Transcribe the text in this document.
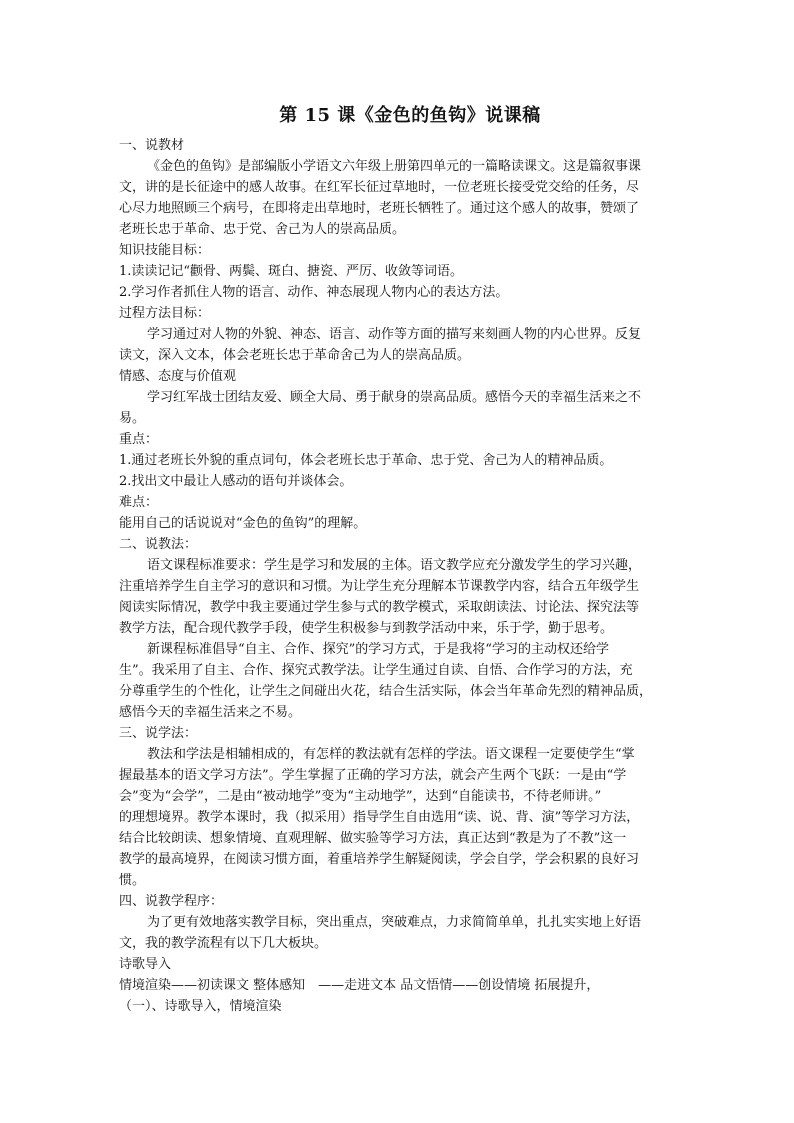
第 15 课《金色的鱼钩》说课稿
一、说教材
《金色的鱼钩》是部编版小学语文六年级上册第四单元的一篇略读课文。这是篇叙事课
文，讲的是长征途中的感人故事。在红军长征过草地时，一位老班长接受党交给的任务，尽
心尽力地照顾三个病号，在即将走出草地时，老班长牺牲了。通过这个感人的故事，赞颂了
老班长忠于革命、忠于党、舍己为人的崇高品质。
知识技能目标：
1.读读记记“颧骨、两鬓、斑白、搪瓷、严厉、收敛等词语。
2.学习作者抓住人物的语言、动作、神态展现人物内心的表达方法。
过程方法目标：
学习通过对人物的外貌、神态、语言、动作等方面的描写来刻画人物的内心世界。反复
读文，深入文本，体会老班长忠于革命舍己为人的崇高品质。
情感、态度与价值观
学习红军战士团结友爱、顾全大局、勇于献身的崇高品质。感悟今天的幸福生活来之不
易。
重点：
1.通过老班长外貌的重点词句，体会老班长忠于革命、忠于党、舍己为人的精神品质。
2.找出文中最让人感动的语句并谈体会。
难点：
能用自己的话说说对“金色的鱼钩”的理解。
二、说教法：
语文课程标准要求：学生是学习和发展的主体。语文教学应充分激发学生的学习兴趣，
注重培养学生自主学习的意识和习惯。为让学生充分理解本节课教学内容，结合五年级学生
阅读实际情况，教学中我主要通过学生参与式的教学模式，采取朗读法、讨论法、探究法等
教学方法，配合现代教学手段，使学生积极参与到教学活动中来，乐于学，勤于思考。
新课程标准倡导“自主、合作、探究”的学习方式，于是我将“学习的主动权还给学
生”。我采用了自主、合作、探究式教学法。让学生通过自读、自悟、合作学习的方法，充
分尊重学生的个性化，让学生之间碰出火花，结合生活实际，体会当年革命先烈的精神品质，
感悟今天的幸福生活来之不易。
三、说学法：
教法和学法是相辅相成的，有怎样的教法就有怎样的学法。语文课程一定要使学生“掌
握最基本的语文学习方法”。学生掌握了正确的学习方法，就会产生两个飞跃：一是由“学
会”变为“会学”，二是由“被动地学”变为“主动地学”，达到“自能读书，不待老师讲。”
的理想境界。教学本课时，我（拟采用）指导学生自由选用“读、说、背、演”等学习方法，
结合比较朗读、想象情境、直观理解、做实验等学习方法，真正达到“教是为了不教”这一
教学的最高境界，在阅读习惯方面，着重培养学生解疑阅读，学会自学，学会积累的良好习
惯。
四、说教学程序：
为了更有效地落实教学目标，突出重点，突破难点，力求简简单单，扎扎实实地上好语
文，我的教学流程有以下几大板块。
诗歌导入
情境渲染——初读课文 整体感知　——走进文本 品文悟情——创设情境 拓展提升，
（一）、诗歌导入，情境渲染
